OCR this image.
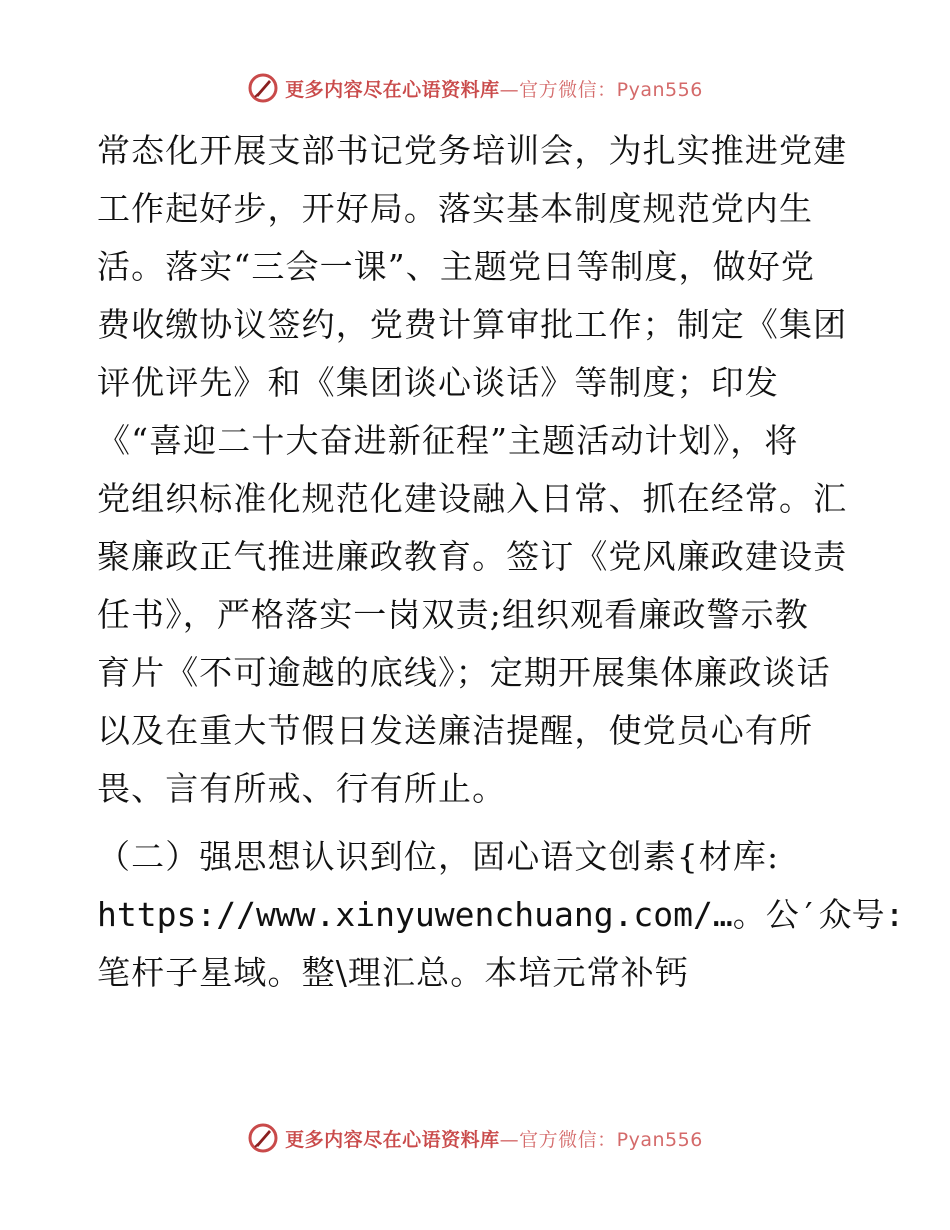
更多内容尽在心语资料库—官方微信：Pyan556
常态化开展支部书记党务培训会，为扎实推进党建
工作起好步，开好局。落实基本制度规范党内生
活。落实“三会一课”、主题党日等制度，做好党
费收缴协议签约，党费计算审批工作；制定《集团
评优评先》和《集团谈心谈话》等制度；印发
《“喜迎二十大奋进新征程”主题活动计划》，将
党组织标准化规范化建设融入日常、抓在经常。汇
聚廉政正气推进廉政教育。签订《党风廉政建设责
任书》，严格落实一岗双责;组织观看廉政警示教
育片《不可逾越的底线》；定期开展集体廉政谈话
以及在重大节假日发送廉洁提醒，使党员心有所
畏、言有所戒、行有所止。
（二）强思想认识到位，固心语文创素{材库:
https://www.xinyuwenchuang.com/…。公′众号:
笔杆子星域。整\理汇总。本培元常补钙
更多内容尽在心语资料库—官方微信：Pyan556
